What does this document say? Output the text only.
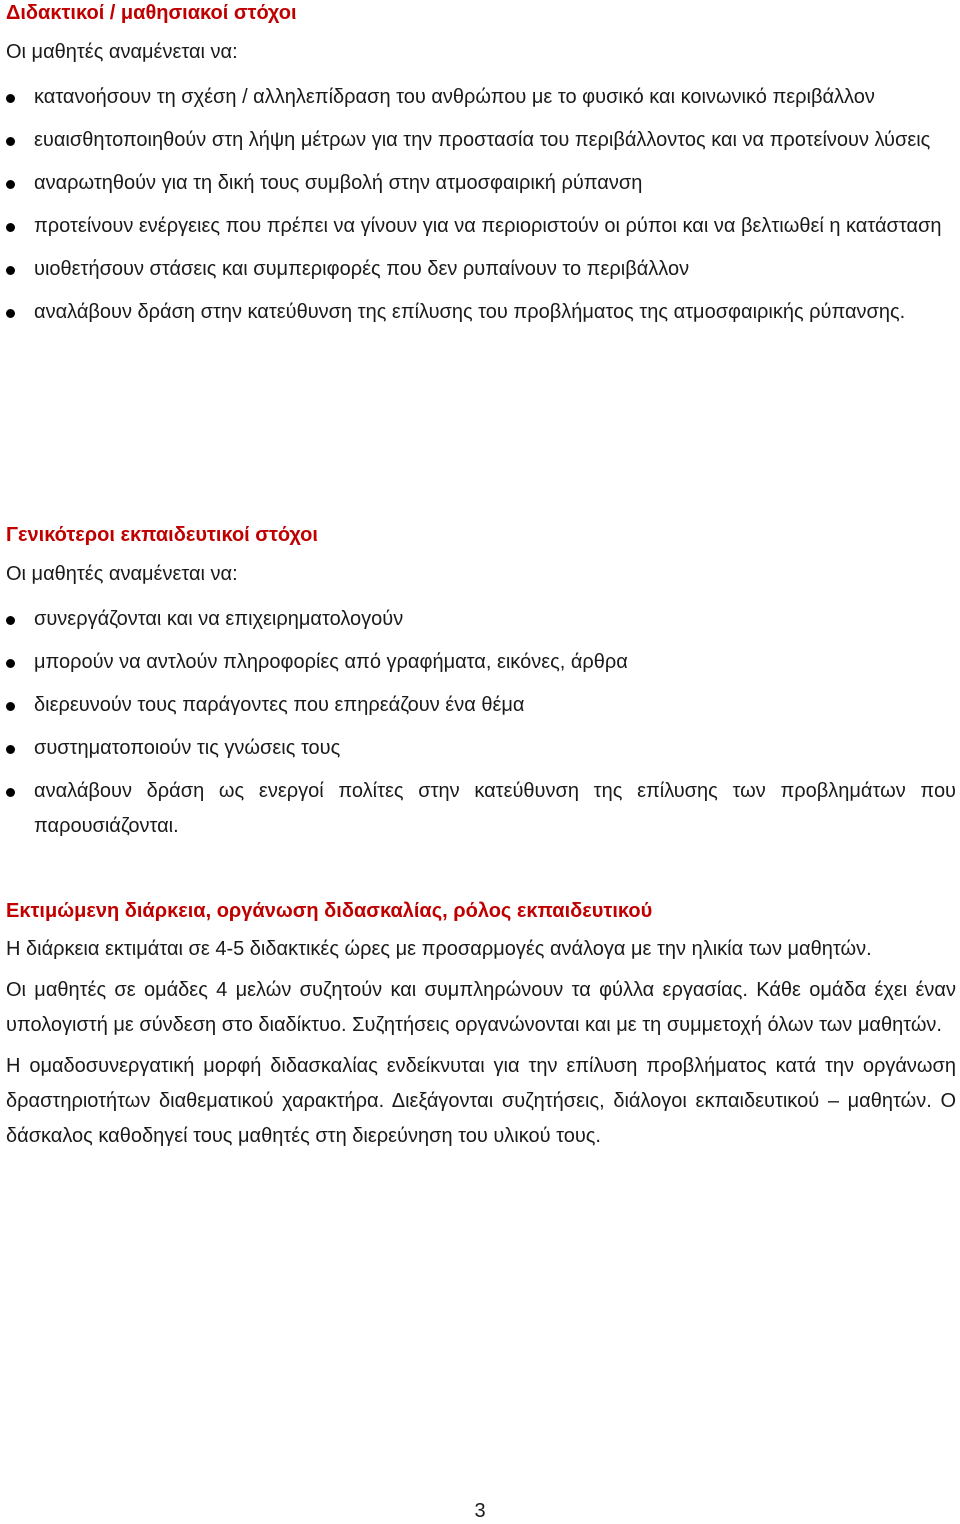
Διδακτικοί / μαθησιακοί στόχοι

Οι μαθητές αναμένεται να:

κατανοήσουν τη σχέση / αλληλεπίδραση του ανθρώπου με το φυσικό και κοινωνικό περιβάλλον
ευαισθητοποιηθούν στη λήψη μέτρων για την προστασία του περιβάλλοντος και να προτείνουν λύσεις
αναρωτηθούν για τη δική τους συμβολή στην ατμοσφαιρική ρύπανση
προτείνουν ενέργειες που πρέπει να γίνουν για να περιοριστούν οι ρύποι και να βελτιωθεί η κατάσταση
υιοθετήσουν στάσεις και συμπεριφορές που δεν ρυπαίνουν το περιβάλλον
αναλάβουν δράση στην κατεύθυνση της επίλυσης του προβλήματος της ατμοσφαιρικής ρύπανσης.
Γενικότεροι εκπαιδευτικοί στόχοι

Οι μαθητές αναμένεται να:

συνεργάζονται και να επιχειρηματολογούν
μπορούν να αντλούν πληροφορίες από γραφήματα, εικόνες, άρθρα
διερευνούν τους παράγοντες που επηρεάζουν ένα θέμα
συστηματοποιούν τις γνώσεις τους
αναλάβουν δράση ως ενεργοί πολίτες στην κατεύθυνση της επίλυσης των προβλημάτων που παρουσιάζονται.
Εκτιμώμενη διάρκεια, οργάνωση διδασκαλίας, ρόλος εκπαιδευτικού

Η διάρκεια εκτιμάται σε 4-5 διδακτικές ώρες με προσαρμογές ανάλογα με την ηλικία των μαθητών.

Οι μαθητές σε ομάδες 4 μελών συζητούν και συμπληρώνουν τα φύλλα εργασίας. Κάθε ομάδα έχει έναν υπολογιστή με σύνδεση στο διαδίκτυο. Συζητήσεις οργανώνονται και με τη συμμετοχή όλων των μαθητών.

Η ομαδοσυνεργατική μορφή διδασκαλίας ενδείκνυται για την επίλυση προβλήματος κατά την οργάνωση δραστηριοτήτων διαθεματικού χαρακτήρα. Διεξάγονται συζητήσεις, διάλογοι εκπαιδευτικού – μαθητών. Ο δάσκαλος καθοδηγεί τους μαθητές στη διερεύνηση του υλικού τους.

3
